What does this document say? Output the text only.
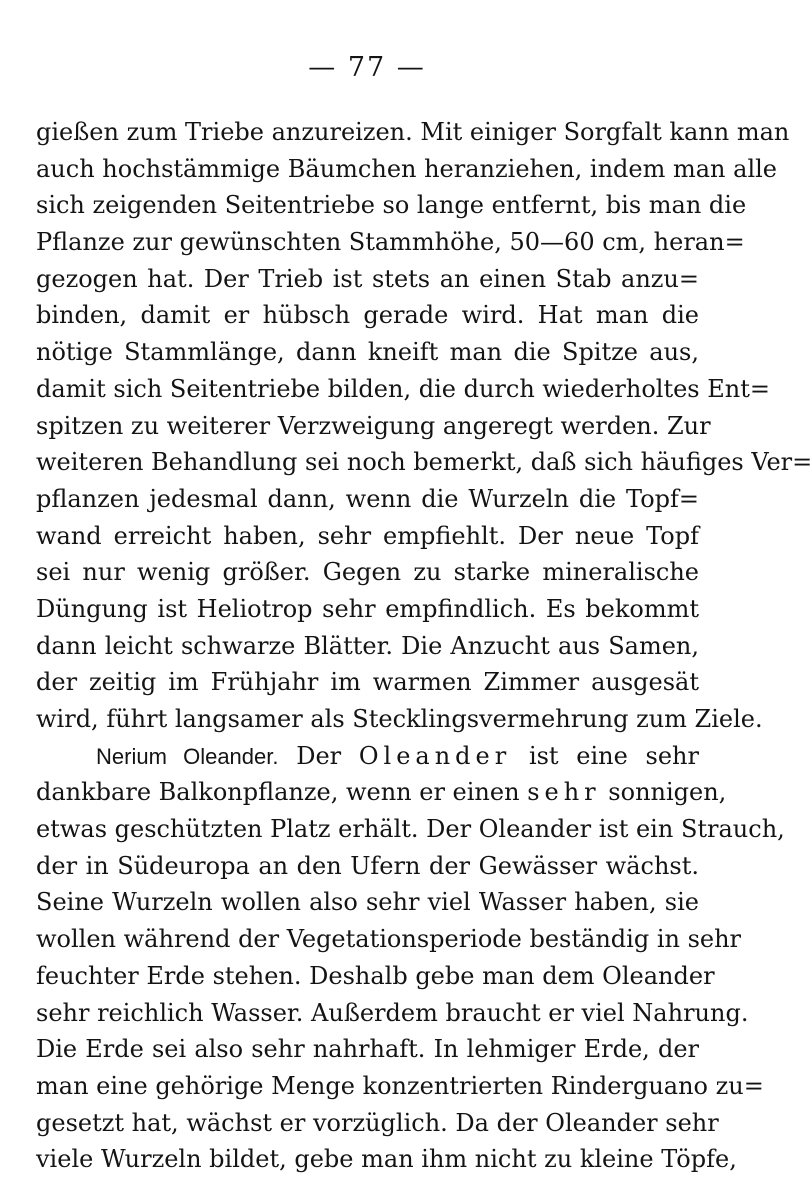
— 77 —
gießen zum Triebe anzureizen. Mit einiger Sorgfalt kann man
auch hochstämmige Bäumchen heranziehen, indem man alle
sich zeigenden Seitentriebe so lange entfernt, bis man die
Pflanze zur gewünschten Stammhöhe, 50—60 cm, heran=
gezogen hat. Der Trieb ist stets an einen Stab anzu=
binden, damit er hübsch gerade wird. Hat man die
nötige Stammlänge, dann kneift man die Spitze aus,
damit sich Seitentriebe bilden, die durch wiederholtes Ent=
spitzen zu weiterer Verzweigung angeregt werden. Zur
weiteren Behandlung sei noch bemerkt, daß sich häufiges Ver=
pflanzen jedesmal dann, wenn die Wurzeln die Topf=
wand erreicht haben, sehr empfiehlt. Der neue Topf
sei nur wenig größer. Gegen zu starke mineralische
Düngung ist Heliotrop sehr empfindlich. Es bekommt
dann leicht schwarze Blätter. Die Anzucht aus Samen,
der zeitig im Frühjahr im warmen Zimmer ausgesät
wird, führt langsamer als Stecklingsvermehrung zum Ziele.
Nerium Oleander. Der Oleander ist eine sehr
dankbare Balkonpflanze, wenn er einen sehr sonnigen,
etwas geschützten Platz erhält. Der Oleander ist ein Strauch,
der in Südeuropa an den Ufern der Gewässer wächst.
Seine Wurzeln wollen also sehr viel Wasser haben, sie
wollen während der Vegetationsperiode beständig in sehr
feuchter Erde stehen. Deshalb gebe man dem Oleander
sehr reichlich Wasser. Außerdem braucht er viel Nahrung.
Die Erde sei also sehr nahrhaft. In lehmiger Erde, der
man eine gehörige Menge konzentrierten Rinderguano zu=
gesetzt hat, wächst er vorzüglich. Da der Oleander sehr
viele Wurzeln bildet, gebe man ihm nicht zu kleine Töpfe,
